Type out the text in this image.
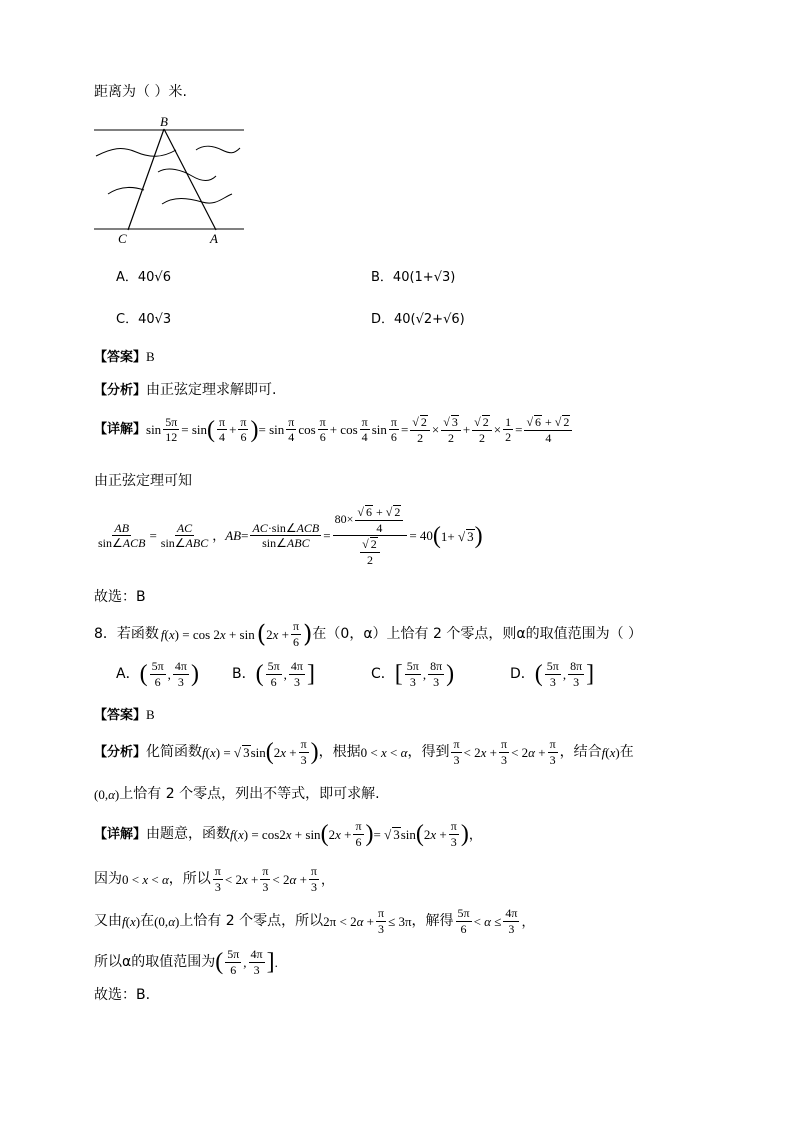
距离为（ ）米.
B
C	A
A．40√6	B．40(1+√3)
C．40√3	D．40(√2+√6)
【答案】B
【分析】由正弦定理求解即可.
【详解】 $\sin \frac{5\pi}{12} = \sin$ ( $\frac{\pi}{4} + \frac{\pi}{6}$ ) = $\sin \frac{\pi}{4}$ $\cos \frac{\pi}{6} + \cos \frac{\pi}{4}$ $\sin \frac{\pi}{6} = \frac{√ 2}{2} \times \frac{√ 3}{2} + \frac{√ 2}{2} \times \frac{1}{2} = \frac{√ 6 + √ 2}{4}$
由正弦定理可知
$\frac{AB}{\text{sin∠ACB}} = \frac{AC}{\text{sin∠ABC}}$ ， AB = $\frac{\text{AC·sin∠ACB}}{\text{sin∠ABC}} = \frac{80\times \frac{√ 6 + √ 2}{4}}{\frac{√ 2}{2}} = 40$ ( 1+ √ 3 )
故选：B
8． 若函数 f(x) = cos 2x + sin ( $2x + \frac{\pi}{6}$ ) 在（0，α）上恰有 2 个零点，则α的取值范围为（ ）
A． ( $\frac{5\pi}{6}$ , $\frac{4\pi}{3}$ ) B． ( $\frac{5\pi}{6}$ , $\frac{4\pi}{3}$ ]	C． [ $\frac{5\pi}{3}$ , $\frac{8\pi}{3}$ )	D． ( $\frac{5\pi}{3}$ , $\frac{8\pi}{3}$ ]
【答案】B
【分析】 化简函数 f(x) = √ 3sin ( $2x + \frac{\pi}{3}$ ) ，根据 0 < x < α ，得到 $\frac{\pi}{3} < 2x + \frac{\pi}{3} < 2\alpha + \frac{\pi}{3}$ ，结合 f(x) 在
(0,α) 上恰有 2 个零点，列出不等式，即可求解.
【详解】 由题意，函数 f(x) = cos2x + sin ( $2x + \frac{\pi}{6}$ ) = √ 3sin ( $2x + \frac{\pi}{3}$ ) ，
因为 0 < x < α ，所以 $\frac{\pi}{3} < 2x + \frac{\pi}{3} < 2\alpha + \frac{\pi}{3}$ ，
又由 f(x) 在 (0,α) 上恰有 2 个零点，所以 $2\pi < 2\alpha + \frac{\pi}{3} \le 3\pi$ ，解得 $\frac{5\pi}{6} < \alpha \le \frac{4\pi}{3}$ ，
所以α的取值范围为 ( $\frac{5\pi}{6}$ , $\frac{4\pi}{3}$ ] .
故选：B.
